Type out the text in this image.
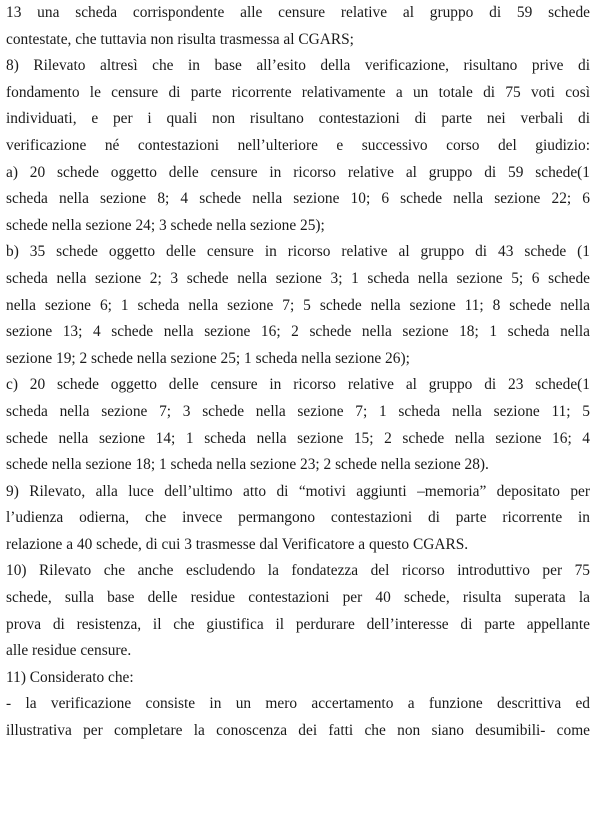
13 una scheda corrispondente alle censure relative al gruppo di 59 schede
contestate, che tuttavia non risulta trasmessa al CGARS;
8) Rilevato altresì che in base all’esito della verificazione, risultano prive di
fondamento le censure di parte ricorrente relativamente a un totale di 75 voti così
individuati, e per i quali non risultano contestazioni di parte nei verbali di
verificazione né contestazioni nell’ulteriore e successivo corso del giudizio:
a) 20 schede oggetto delle censure in ricorso relative al gruppo di 59 schede(1
scheda nella sezione 8; 4 schede nella sezione 10; 6 schede nella sezione 22; 6
schede nella sezione 24; 3 schede nella sezione 25);
b) 35 schede oggetto delle censure in ricorso relative al gruppo di 43 schede (1
scheda nella sezione 2; 3 schede nella sezione 3; 1 scheda nella sezione 5; 6 schede
nella sezione 6; 1 scheda nella sezione 7; 5 schede nella sezione 11; 8 schede nella
sezione 13; 4 schede nella sezione 16; 2 schede nella sezione 18; 1 scheda nella
sezione 19; 2 schede nella sezione 25; 1 scheda nella sezione 26);
c) 20 schede oggetto delle censure in ricorso relative al gruppo di 23 schede(1
scheda nella sezione 7; 3 schede nella sezione 7; 1 scheda nella sezione 11; 5
schede nella sezione 14; 1 scheda nella sezione 15; 2 schede nella sezione 16; 4
schede nella sezione 18; 1 scheda nella sezione 23; 2 schede nella sezione 28).
9) Rilevato, alla luce dell’ultimo atto di “motivi aggiunti –memoria” depositato per
l’udienza odierna, che invece permangono contestazioni di parte ricorrente in
relazione a 40 schede, di cui 3 trasmesse dal Verificatore a questo CGARS.
10) Rilevato che anche escludendo la fondatezza del ricorso introduttivo per 75
schede, sulla base delle residue contestazioni per 40 schede, risulta superata la
prova di resistenza, il che giustifica il perdurare dell’interesse di parte appellante
alle residue censure.
11) Considerato che:
- la verificazione consiste in un mero accertamento a funzione descrittiva ed
illustrativa per completare la conoscenza dei fatti che non siano desumibili- come
